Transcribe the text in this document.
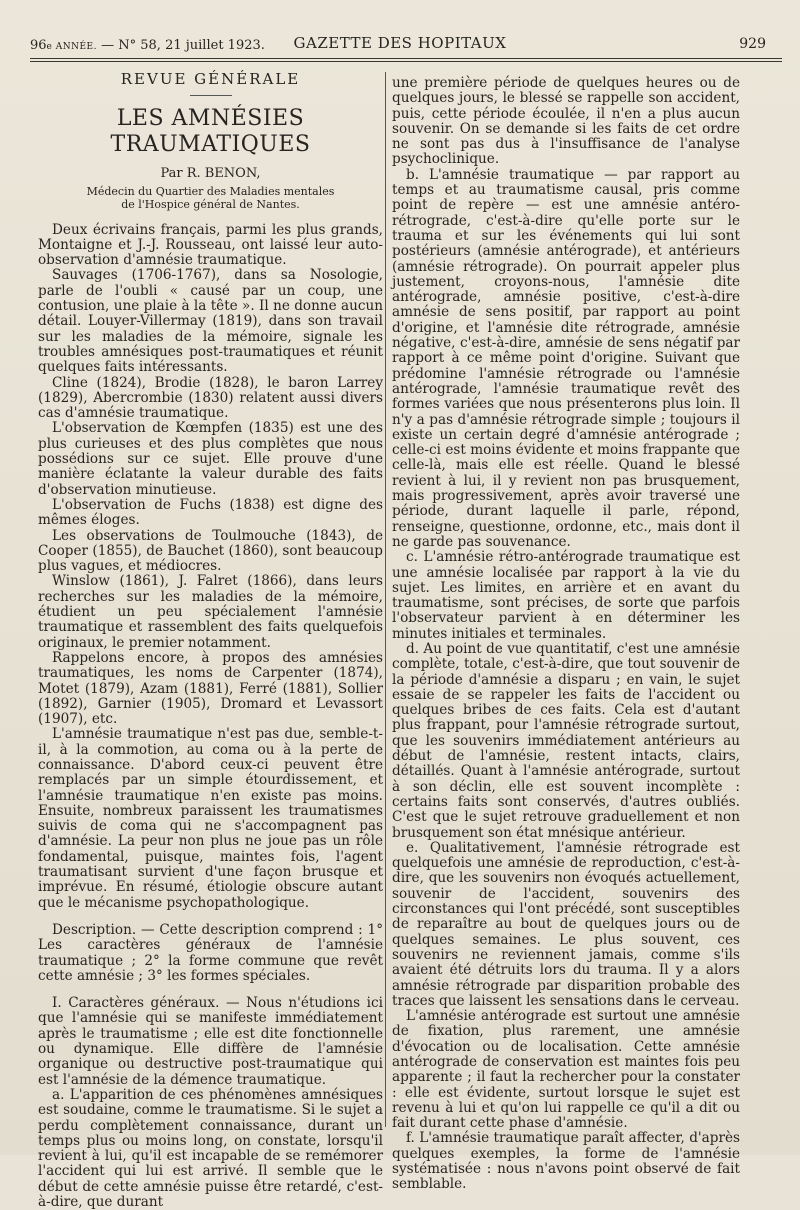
96e ANNÉE. — N° 58, 21 juillet 1923.	GAZETTE DES HOPITAUX	929
REVUE GÉNÉRALE
LES AMNÉSIES TRAUMATIQUES
Par R. BENON,
Médecin du Quartier des Maladies mentales
de l'Hospice général de Nantes.

Deux écrivains français, parmi les plus grands, Montaigne et J.-J. Rousseau, ont laissé leur auto-observation d'amnésie traumatique.

Sauvages (1706-1767), dans sa Nosologie, parle de l'oubli « causé par un coup, une contusion, une plaie à la tête ». Il ne donne aucun détail. Louyer-Villermay (1819), dans son travail sur les maladies de la mémoire, signale les troubles amnésiques post-traumatiques et réunit quelques faits intéressants.

Cline (1824), Brodie (1828), le baron Larrey (1829), Abercrombie (1830) relatent aussi divers cas d'amnésie traumatique.

L'observation de Kœmpfen (1835) est une des plus curieuses et des plus complètes que nous possédions sur ce sujet. Elle prouve d'une manière éclatante la valeur durable des faits d'observation minutieuse.

L'observation de Fuchs (1838) est digne des mêmes éloges.

Les observations de Toulmouche (1843), de Cooper (1855), de Bauchet (1860), sont beaucoup plus vagues, et médiocres.

Winslow (1861), J. Falret (1866), dans leurs recherches sur les maladies de la mémoire, étudient un peu spécialement l'amnésie traumatique et rassemblent des faits quelquefois originaux, le premier notamment.

Rappelons encore, à propos des amnésies traumatiques, les noms de Carpenter (1874), Motet (1879), Azam (1881), Ferré (1881), Sollier (1892), Garnier (1905), Dromard et Levassort (1907), etc.

L'amnésie traumatique n'est pas due, semble-t-il, à la commotion, au coma ou à la perte de connaissance. D'abord ceux-ci peuvent être remplacés par un simple étourdissement, et l'amnésie traumatique n'en existe pas moins. Ensuite, nombreux paraissent les traumatismes suivis de coma qui ne s'accompagnent pas d'amnésie. La peur non plus ne joue pas un rôle fondamental, puisque, maintes fois, l'agent traumatisant survient d'une façon brusque et imprévue. En résumé, étiologie obscure autant que le mécanisme psychopathologique.

Description. — Cette description comprend : 1° Les caractères généraux de l'amnésie traumatique ; 2° la forme commune que revêt cette amnésie ; 3° les formes spéciales.

I. Caractères généraux. — Nous n'étudions ici que l'amnésie qui se manifeste immédiatement après le traumatisme ; elle est dite fonctionnelle ou dynamique. Elle diffère de l'amnésie organique ou destructive post-traumatique qui est l'amnésie de la démence traumatique.

a. L'apparition de ces phénomènes amnésiques est soudaine, comme le traumatisme. Si le sujet a perdu complètement connaissance, durant un temps plus ou moins long, on constate, lorsqu'il revient à lui, qu'il est incapable de se remémorer l'accident qui lui est arrivé. Il semble que le début de cette amnésie puisse être retardé, c'est-à-dire, que durant

une première période de quelques heures ou de quelques jours, le blessé se rappelle son accident, puis, cette période écoulée, il n'en a plus aucun souvenir. On se demande si les faits de cet ordre ne sont pas dus à l'insuffisance de l'analyse psychoclinique.

b. L'amnésie traumatique — par rapport au temps et au traumatisme causal, pris comme point de repère — est une amnésie antéro-rétrograde, c'est-à-dire qu'elle porte sur le trauma et sur les événements qui lui sont postérieurs (amnésie antérograde), et antérieurs (amnésie rétrograde). On pourrait appeler plus justement, croyons-nous, l'amnésie dite antérograde, amnésie positive, c'est-à-dire amnésie de sens positif, par rapport au point d'origine, et l'amnésie dite rétrograde, amnésie négative, c'est-à-dire, amnésie de sens négatif par rapport à ce même point d'origine. Suivant que prédomine l'amnésie rétrograde ou l'amnésie antérograde, l'amnésie traumatique revêt des formes variées que nous présenterons plus loin. Il n'y a pas d'amnésie rétrograde simple ; toujours il existe un certain degré d'amnésie antérograde ; celle-ci est moins évidente et moins frappante que celle-là, mais elle est réelle. Quand le blessé revient à lui, il y revient non pas brusquement, mais progressivement, après avoir traversé une période, durant laquelle il parle, répond, renseigne, questionne, ordonne, etc., mais dont il ne garde pas souvenance.

c. L'amnésie rétro-antérograde traumatique est une amnésie localisée par rapport à la vie du sujet. Les limites, en arrière et en avant du traumatisme, sont précises, de sorte que parfois l'observateur parvient à en déterminer les minutes initiales et terminales.

d. Au point de vue quantitatif, c'est une amnésie complète, totale, c'est-à-dire, que tout souvenir de la période d'amnésie a disparu ; en vain, le sujet essaie de se rappeler les faits de l'accident ou quelques bribes de ces faits. Cela est d'autant plus frappant, pour l'amnésie rétrograde surtout, que les souvenirs immédiatement antérieurs au début de l'amnésie, restent intacts, clairs, détaillés. Quant à l'amnésie antérograde, surtout à son déclin, elle est souvent incomplète : certains faits sont conservés, d'autres oubliés. C'est que le sujet retrouve graduellement et non brusquement son état mnésique antérieur.

e. Qualitativement, l'amnésie rétrograde est quelquefois une amnésie de reproduction, c'est-à-dire, que les souvenirs non évoqués actuellement, souvenir de l'accident, souvenirs des circonstances qui l'ont précédé, sont susceptibles de reparaître au bout de quelques jours ou de quelques semaines. Le plus souvent, ces souvenirs ne reviennent jamais, comme s'ils avaient été détruits lors du trauma. Il y a alors amnésie rétrograde par disparition probable des traces que laissent les sensations dans le cerveau.

L'amnésie antérograde est surtout une amnésie de fixation, plus rarement, une amnésie d'évocation ou de localisation. Cette amnésie antérograde de conservation est maintes fois peu apparente ; il faut la rechercher pour la constater : elle est évidente, surtout lorsque le sujet est revenu à lui et qu'on lui rappelle ce qu'il a dit ou fait durant cette phase d'amnésie.

f. L'amnésie traumatique paraît affecter, d'après quelques exemples, la forme de l'amnésie systématisée : nous n'avons point observé de fait semblable.
